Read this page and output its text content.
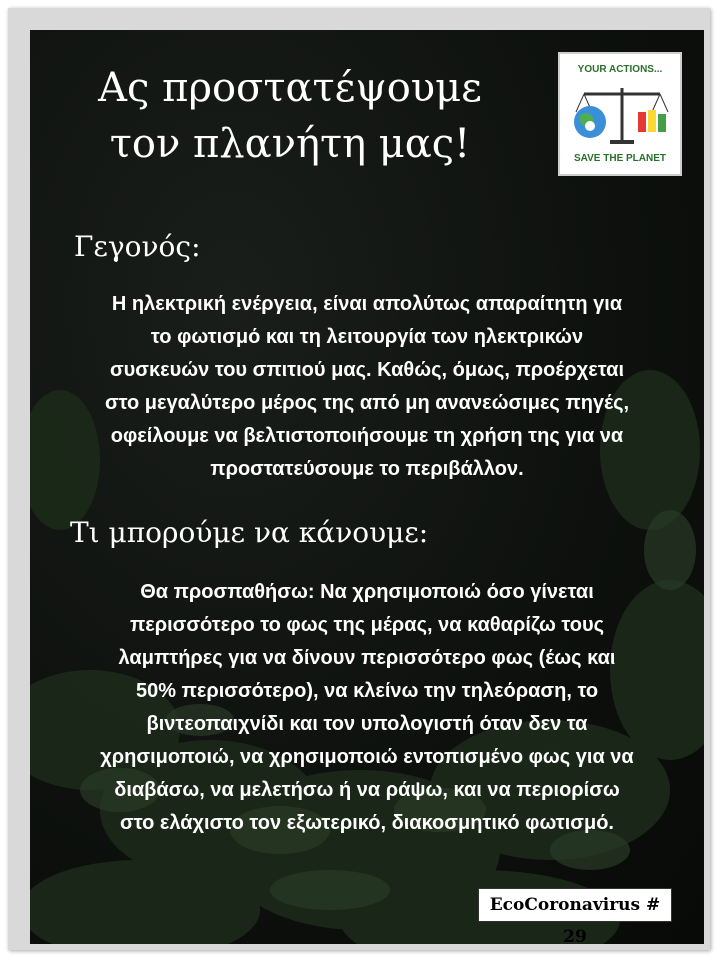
Ας προστατέψουμε
τον πλανήτη μας!
YOUR ACTIONS...
SAVE THE PLANET
Γεγονός:
Η ηλεκτρική ενέργεια, είναι απολύτως απαραίτητη για
το φωτισμό και τη λειτουργία των ηλεκτρικών
συσκευών του σπιτιού μας. Καθώς, όμως, προέρχεται
στο μεγαλύτερο μέρος της από μη ανανεώσιμες πηγές,
οφείλουμε να βελτιστοποιήσουμε τη χρήση της για να
προστατεύσουμε το περιβάλλον.
Τι μπορούμε να κάνουμε:
Θα προσπαθήσω: Να χρησιμοποιώ όσο γίνεται
περισσότερο το φως της μέρας, να καθαρίζω τους
λαμπτήρες για να δίνουν περισσότερο φως (έως και
50% περισσότερο), να κλείνω την τηλεόραση, το
βιντεοπαιχνίδι και τον υπολογιστή όταν δεν τα
χρησιμοποιώ, να χρησιμοποιώ εντοπισμένο φως για να
διαβάσω, να μελετήσω ή να ράψω, και να περιορίσω
στο ελάχιστο τον εξωτερικό, διακοσμητικό φωτισμό.
EcoCoronavirus # 29
